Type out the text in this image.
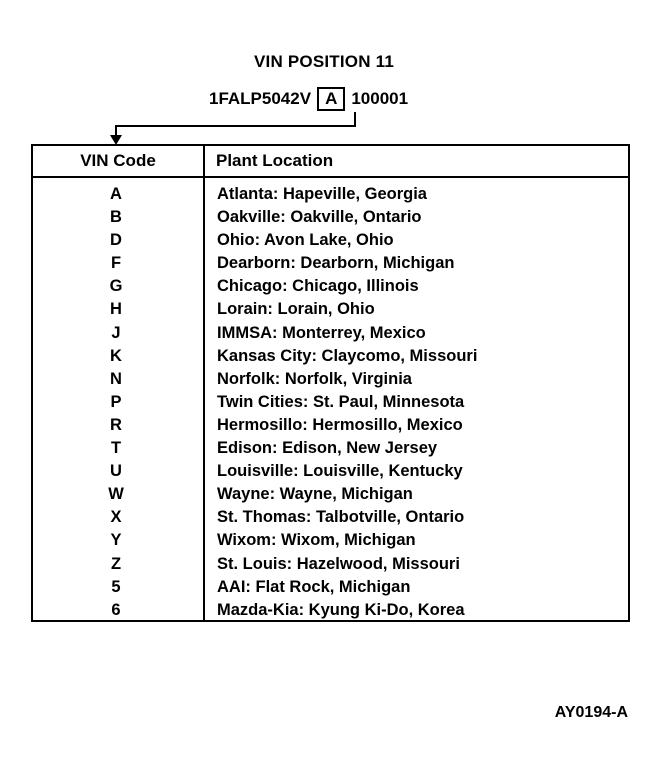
VIN POSITION 11
1FALP5042V A 100001
VIN Code	Plant Location
A	Atlanta: Hapeville, Georgia
B	Oakville: Oakville, Ontario
D	Ohio: Avon Lake, Ohio
F	Dearborn: Dearborn, Michigan
G	Chicago: Chicago, Illinois
H	Lorain: Lorain, Ohio
J	IMMSA: Monterrey, Mexico
K	Kansas City: Claycomo, Missouri
N	Norfolk: Norfolk, Virginia
P	Twin Cities: St. Paul, Minnesota
R	Hermosillo: Hermosillo, Mexico
T	Edison: Edison, New Jersey
U	Louisville: Louisville, Kentucky
W	Wayne: Wayne, Michigan
X	St. Thomas: Talbotville, Ontario
Y	Wixom: Wixom, Michigan
Z	St. Louis: Hazelwood, Missouri
5	AAI: Flat Rock, Michigan
6	Mazda-Kia: Kyung Ki-Do, Korea
AY0194-A
